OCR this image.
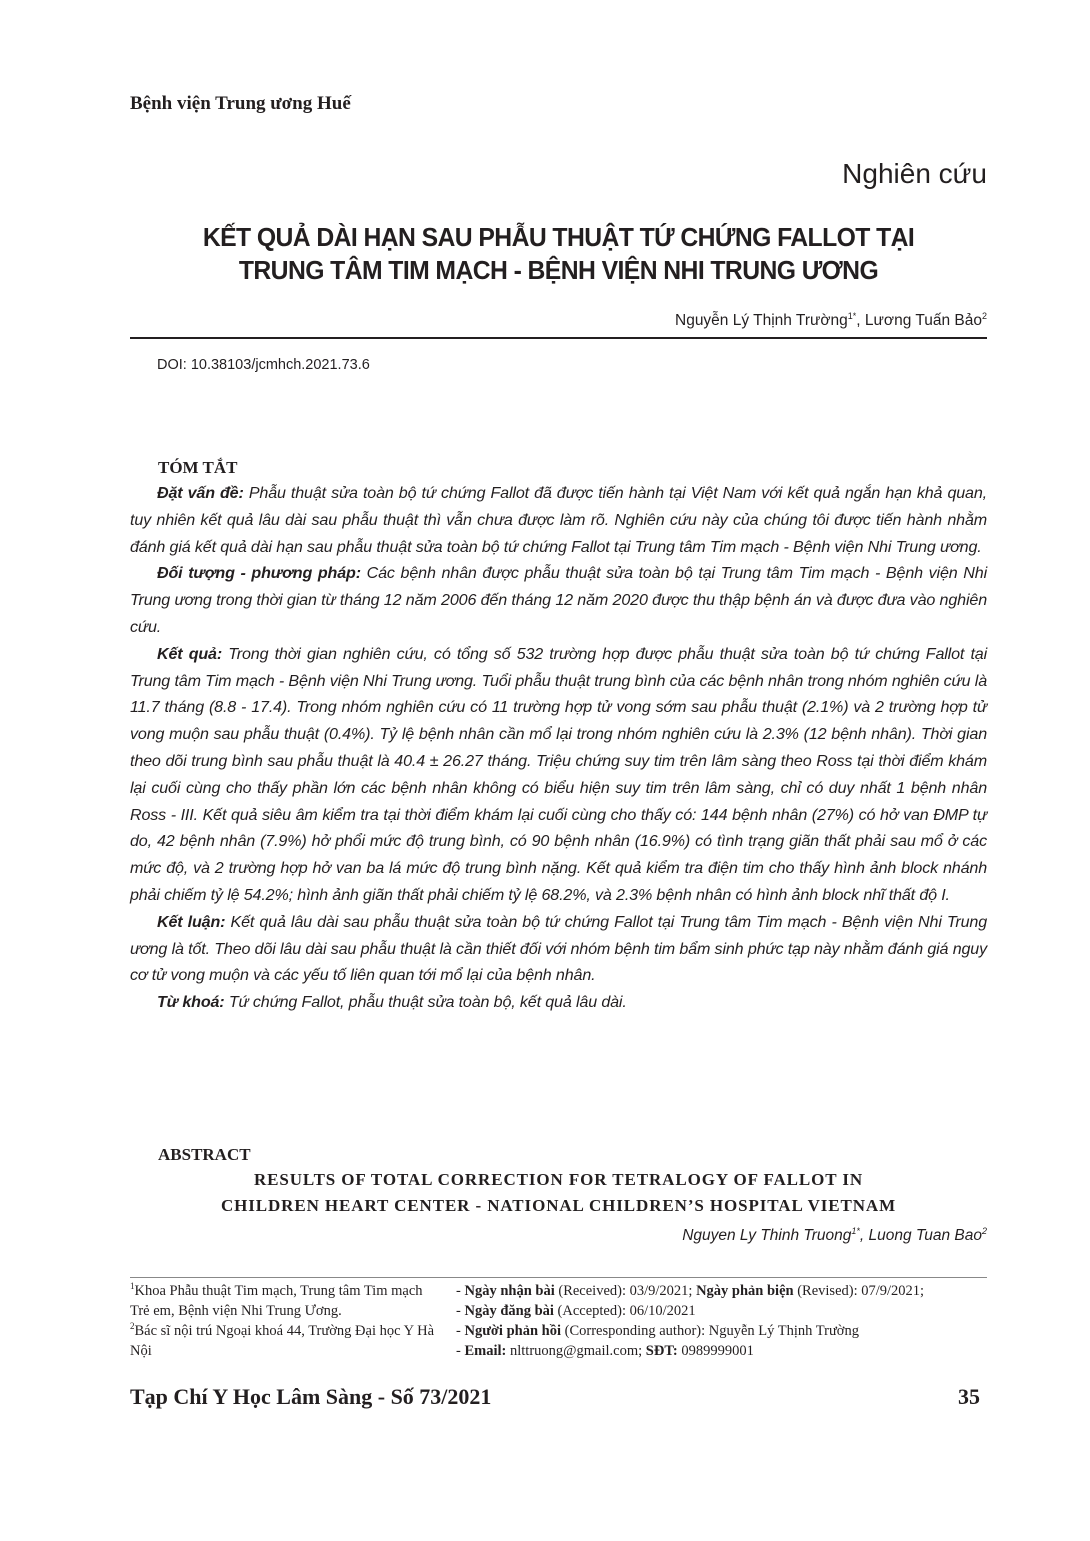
Bệnh viện Trung ương Huế
Nghiên cứu
KẾT QUẢ DÀI HẠN SAU PHẪU THUẬT TỨ CHỨNG FALLOT TẠI
TRUNG TÂM TIM MẠCH - BỆNH VIỆN NHI TRUNG ƯƠNG
Nguyễn Lý Thịnh Trường$^{1*}$, Lương Tuấn Bảo$^2$
DOI: 10.38103/jcmhch.2021.73.6
TÓM TẮT

Đặt vấn đề: Phẫu thuật sửa toàn bộ tứ chứng Fallot đã được tiến hành tại Việt Nam với kết quả ngắn hạn khả quan, tuy nhiên kết quả lâu dài sau phẫu thuật thì vẫn chưa được làm rõ. Nghiên cứu này của chúng tôi được tiến hành nhằm đánh giá kết quả dài hạn sau phẫu thuật sửa toàn bộ tứ chứng Fallot tại Trung tâm Tim mạch - Bệnh viện Nhi Trung ương.

Đối tượng - phương pháp: Các bệnh nhân được phẫu thuật sửa toàn bộ tại Trung tâm Tim mạch - Bệnh viện Nhi Trung ương trong thời gian từ tháng 12 năm 2006 đến tháng 12 năm 2020 được thu thập bệnh án và được đưa vào nghiên cứu.

Kết quả: Trong thời gian nghiên cứu, có tổng số 532 trường hợp được phẫu thuật sửa toàn bộ tứ chứng Fallot tại Trung tâm Tim mạch - Bệnh viện Nhi Trung ương. Tuổi phẫu thuật trung bình của các bệnh nhân trong nhóm nghiên cứu là 11.7 tháng (8.8 - 17.4). Trong nhóm nghiên cứu có 11 trường hợp tử vong sớm sau phẫu thuật (2.1%) và 2 trường hợp tử vong muộn sau phẫu thuật (0.4%). Tỷ lệ bệnh nhân cần mổ lại trong nhóm nghiên cứu là 2.3% (12 bệnh nhân). Thời gian theo dõi trung bình sau phẫu thuật là 40.4 ± 26.27 tháng. Triệu chứng suy tim trên lâm sàng theo Ross tại thời điểm khám lại cuối cùng cho thấy phần lớn các bệnh nhân không có biểu hiện suy tim trên lâm sàng, chỉ có duy nhất 1 bệnh nhân Ross - III. Kết quả siêu âm kiểm tra tại thời điểm khám lại cuối cùng cho thấy có: 144 bệnh nhân (27%) có hở van ĐMP tự do, 42 bệnh nhân (7.9%) hở phổi mức độ trung bình, có 90 bệnh nhân (16.9%) có tình trạng giãn thất phải sau mổ ở các mức độ, và 2 trường hợp hở van ba lá mức độ trung bình nặng. Kết quả kiểm tra điện tim cho thấy hình ảnh block nhánh phải chiếm tỷ lệ 54.2%; hình ảnh giãn thất phải chiếm tỷ lệ 68.2%, và 2.3% bệnh nhân có hình ảnh block nhĩ thất độ I.

Kết luận: Kết quả lâu dài sau phẫu thuật sửa toàn bộ tứ chứng Fallot tại Trung tâm Tim mạch - Bệnh viện Nhi Trung ương là tốt. Theo dõi lâu dài sau phẫu thuật là cần thiết đối với nhóm bệnh tim bẩm sinh phức tạp này nhằm đánh giá nguy cơ tử vong muộn và các yếu tố liên quan tới mổ lại của bệnh nhân.

Từ khoá: Tứ chứng Fallot, phẫu thuật sửa toàn bộ, kết quả lâu dài.

ABSTRACT
RESULTS OF TOTAL CORRECTION FOR TETRALOGY OF FALLOT IN
CHILDREN HEART CENTER - NATIONAL CHILDREN’S HOSPITAL VIETNAM
Nguyen Ly Thinh Truong$^{1*}$, Luong Tuan Bao$^2$
$^1$Khoa Phẫu thuật Tim mạch, Trung tâm Tim mạch Trẻ em, Bệnh viện Nhi Trung Ương.
$^2$Bác sĩ nội trú Ngoại khoá 44, Trường Đại học Y Hà Nội
- Ngày nhận bài (Received): 03/9/2021; Ngày phản biện (Revised): 07/9/2021;
- Ngày đăng bài (Accepted): 06/10/2021
- Người phản hồi (Corresponding author): Nguyễn Lý Thịnh Trường
- Email: nlttruong@gmail.com; SĐT: 0989999001
Tạp Chí Y Học Lâm Sàng - Số 73/2021	35
